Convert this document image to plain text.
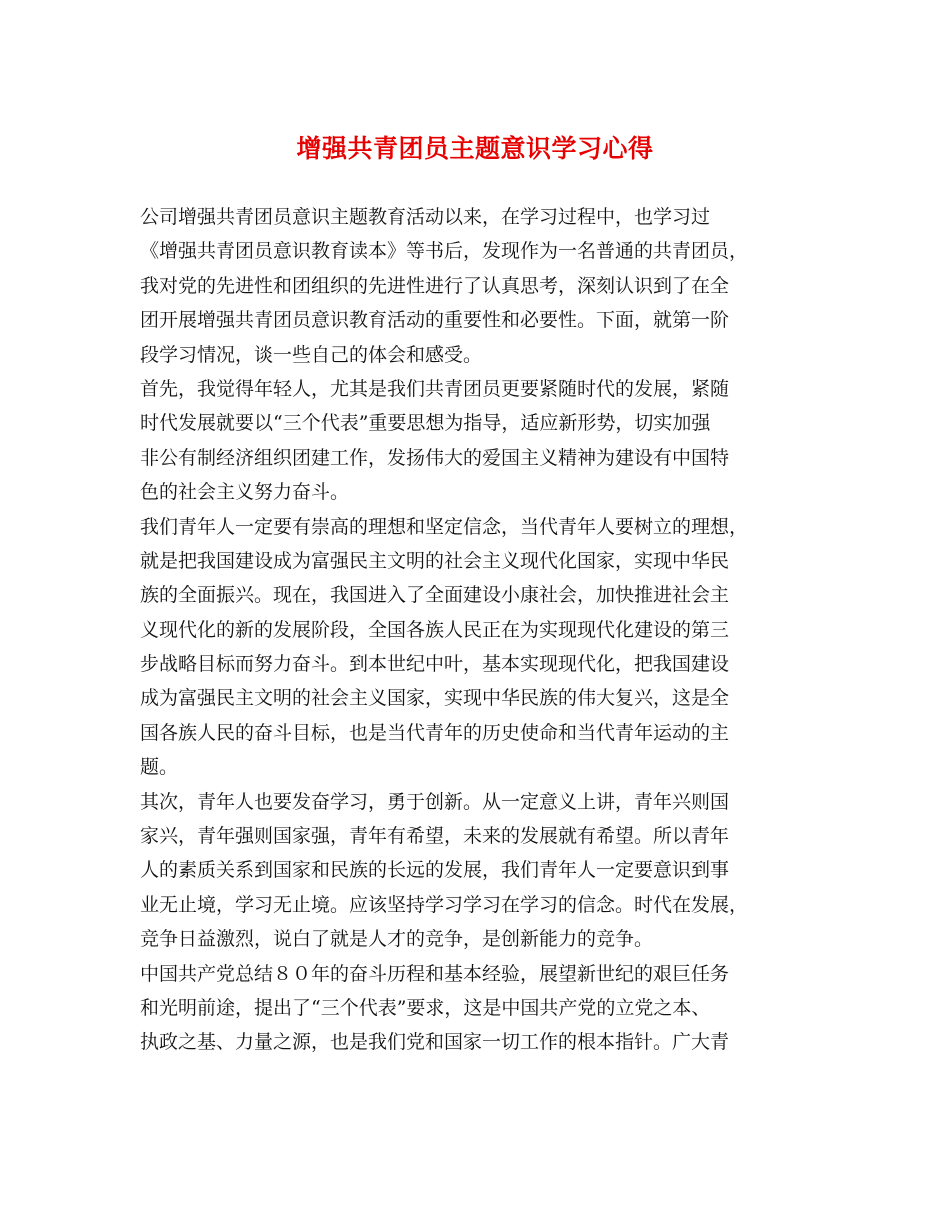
增强共青团员主题意识学习心得
公司增强共青团员意识主题教育活动以来，在学习过程中，也学习过
《增强共青团员意识教育读本》等书后，发现作为一名普通的共青团员，
我对党的先进性和团组织的先进性进行了认真思考，深刻认识到了在全
团开展增强共青团员意识教育活动的重要性和必要性。下面，就第一阶
段学习情况，谈一些自己的体会和感受。
首先，我觉得年轻人，尤其是我们共青团员更要紧随时代的发展，紧随
时代发展就要以“三个代表”重要思想为指导，适应新形势，切实加强
非公有制经济组织团建工作，发扬伟大的爱国主义精神为建设有中国特
色的社会主义努力奋斗。
我们青年人一定要有崇高的理想和坚定信念，当代青年人要树立的理想，
就是把我国建设成为富强民主文明的社会主义现代化国家，实现中华民
族的全面振兴。现在，我国进入了全面建设小康社会，加快推进社会主
义现代化的新的发展阶段，全国各族人民正在为实现现代化建设的第三
步战略目标而努力奋斗。到本世纪中叶，基本实现现代化，把我国建设
成为富强民主文明的社会主义国家，实现中华民族的伟大复兴，这是全
国各族人民的奋斗目标，也是当代青年的历史使命和当代青年运动的主
题。
其次，青年人也要发奋学习，勇于创新。从一定意义上讲，青年兴则国
家兴，青年强则国家强，青年有希望，未来的发展就有希望。所以青年
人的素质关系到国家和民族的长远的发展，我们青年人一定要意识到事
业无止境，学习无止境。应该坚持学习学习在学习的信念。时代在发展，
竞争日益激烈，说白了就是人才的竞争，是创新能力的竞争。
中国共产党总结８０年的奋斗历程和基本经验，展望新世纪的艰巨任务
和光明前途，提出了“三个代表”要求，这是中国共产党的立党之本、
执政之基、力量之源，也是我们党和国家一切工作的根本指针。广大青
